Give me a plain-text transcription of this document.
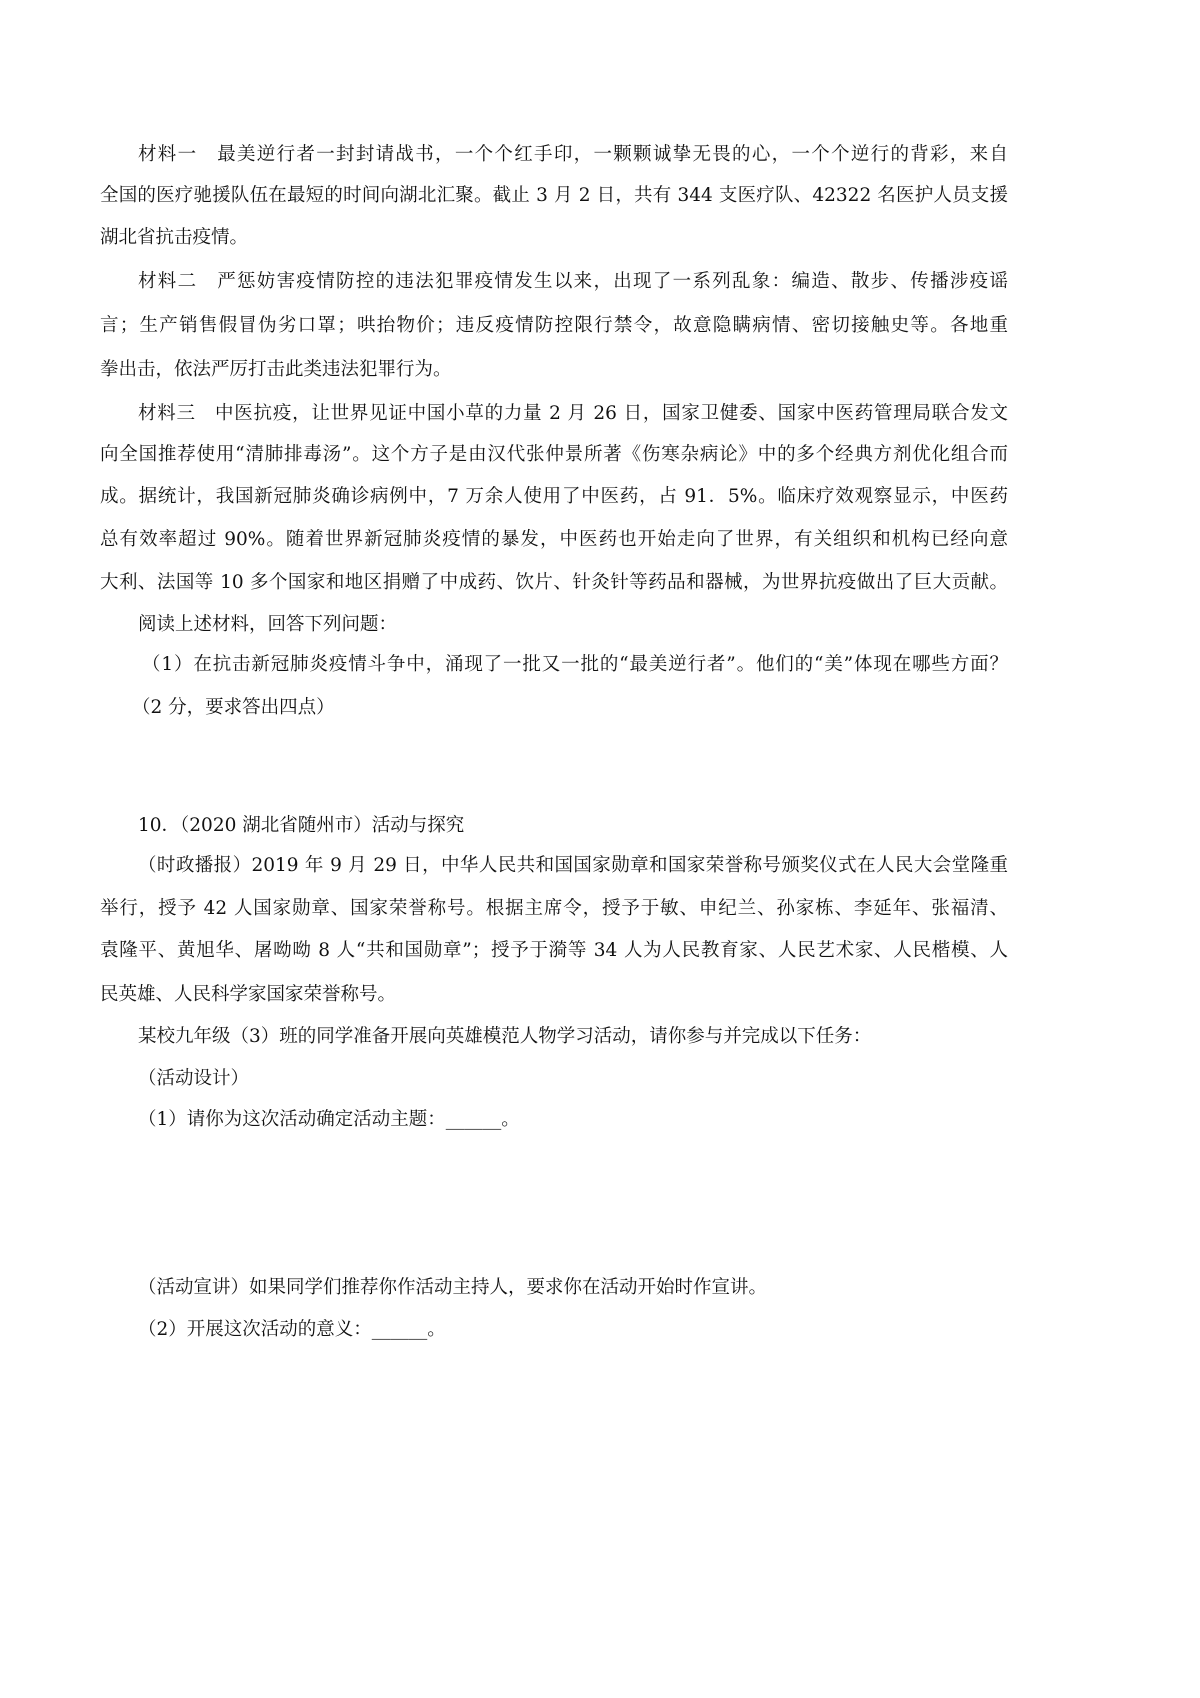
材料一　最美逆行者一封封请战书，一个个红手印，一颗颗诚挚无畏的心，一个个逆行的背彩，来自
全国的医疗驰援队伍在最短的时间向湖北汇聚。截止 3 月 2 日，共有 344 支医疗队、42322 名医护人员支援
湖北省抗击疫情。
材料二　严惩妨害疫情防控的违法犯罪疫情发生以来，出现了一系列乱象：编造、散步、传播涉疫谣
言；生产销售假冒伪劣口罩；哄抬物价；违反疫情防控限行禁令，故意隐瞒病情、密切接触史等。各地重
拳出击，依法严厉打击此类违法犯罪行为。
材料三　中医抗疫，让世界见证中国小草的力量 2 月 26 日，国家卫健委、国家中医药管理局联合发文
向全国推荐使用“清肺排毒汤”。这个方子是由汉代张仲景所著《伤寒杂病论》中的多个经典方剂优化组合而
成。据统计，我国新冠肺炎确诊病例中，7 万余人使用了中医药，占 91．5%。临床疗效观察显示，中医药
总有效率超过 90%。随着世界新冠肺炎疫情的暴发，中医药也开始走向了世界，有关组织和机构已经向意
大利、法国等 10 多个国家和地区捐赠了中成药、饮片、针灸针等药品和器械，为世界抗疫做出了巨大贡献。
阅读上述材料，回答下列问题：
（1）在抗击新冠肺炎疫情斗争中，涌现了一批又一批的“最美逆行者”。他们的“美”体现在哪些方面？
（2 分，要求答出四点）
10．（2020 湖北省随州市）活动与探究
（时政播报）2019 年 9 月 29 日，中华人民共和国国家勋章和国家荣誉称号颁奖仪式在人民大会堂隆重
举行，授予 42 人国家勋章、国家荣誉称号。根据主席令，授予于敏、申纪兰、孙家栋、李延年、张福清、
袁隆平、黄旭华、屠呦呦 8 人“共和国勋章”；授予于漪等 34 人为人民教育家、人民艺术家、人民楷模、人
民英雄、人民科学家国家荣誉称号。
某校九年级（3）班的同学准备开展向英雄模范人物学习活动，请你参与并完成以下任务：
（活动设计）
（1）请你为这次活动确定活动主题：______。
（活动宣讲）如果同学们推荐你作活动主持人，要求你在活动开始时作宣讲。
（2）开展这次活动的意义：______。
